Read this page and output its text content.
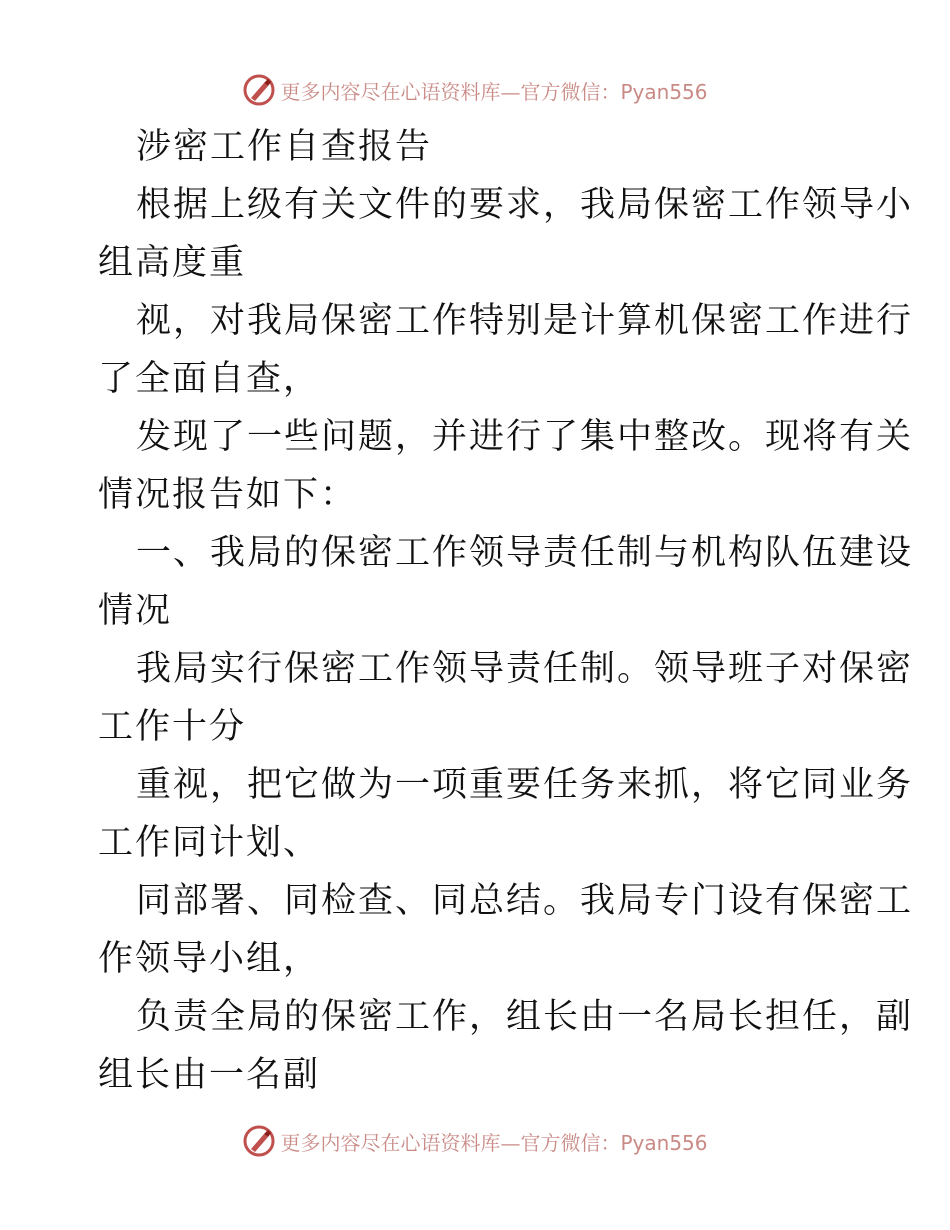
更多内容尽在心语资料库—官方微信：Pyan556
涉密工作自查报告
根据上级有关文件的要求，我局保密工作领导小
组高度重
视，对我局保密工作特别是计算机保密工作进行
了全面自查，
发现了一些问题，并进行了集中整改。现将有关
情况报告如下：
一、我局的保密工作领导责任制与机构队伍建设
情况
我局实行保密工作领导责任制。领导班子对保密
工作十分
重视，把它做为一项重要任务来抓，将它同业务
工作同计划、
同部署、同检查、同总结。我局专门设有保密工
作领导小组，
负责全局的保密工作，组长由一名局长担任，副
组长由一名副
更多内容尽在心语资料库—官方微信：Pyan556
